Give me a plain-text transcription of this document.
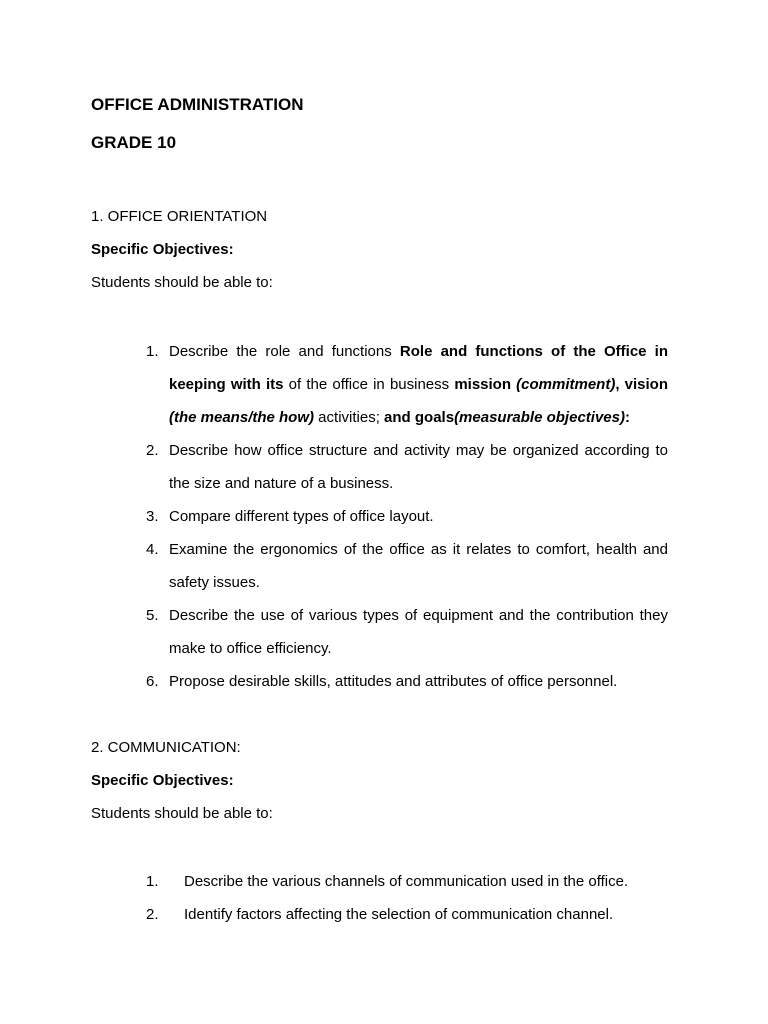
OFFICE ADMINISTRATION
GRADE 10
1. OFFICE ORIENTATION
Specific Objectives:
Students should be able to:
1. Describe the role and functions Role and functions of the Office in keeping with its of the office in business mission (commitment), vision (the means/the how) activities; and goals(measurable objectives):
2. Describe how office structure and activity may be organized according to the size and nature of a business.
3. Compare different types of office layout.
4. Examine the ergonomics of the office as it relates to comfort, health and safety issues.
5. Describe the use of various types of equipment and the contribution they make to office efficiency.
6. Propose desirable skills, attitudes and attributes of office personnel.
2. COMMUNICATION:
Specific Objectives:
Students should be able to:
1. Describe the various channels of communication used in the office.
2. Identify factors affecting the selection of communication channel.
